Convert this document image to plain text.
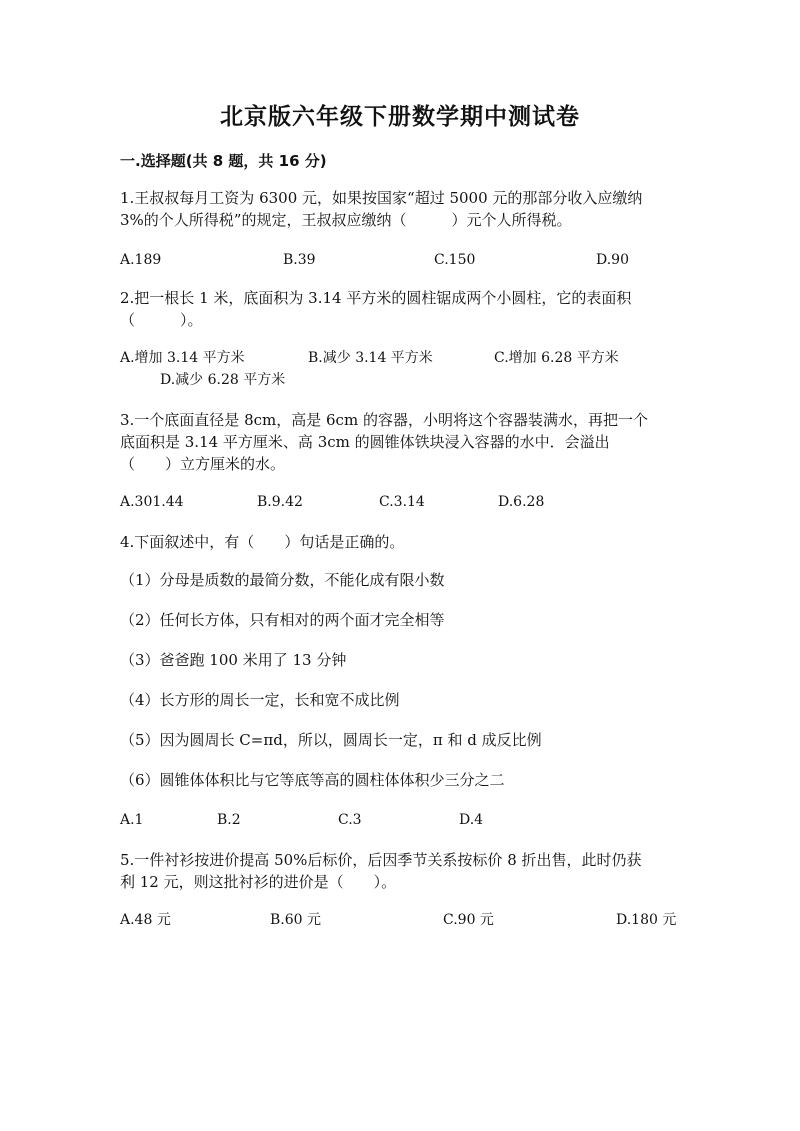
北京版六年级下册数学期中测试卷
一.选择题(共 8 题，共 16 分)
1.王叔叔每月工资为 6300 元，如果按国家“超过 5000 元的那部分收入应缴纳
3%的个人所得税”的规定，王叔叔应缴纳（　　　）元个人所得税。
A.189	B.39	C.150	D.90
2.把一根长 1 米，底面积为 3.14 平方米的圆柱锯成两个小圆柱，它的表面积
（　　　）。
A.增加 3.14 平方米	B.减少 3.14 平方米	C.增加 6.28 平方米
D.减少 6.28 平方米
3.一个底面直径是 8cm，高是 6cm 的容器，小明将这个容器装满水，再把一个
底面积是 3.14 平方厘米、高 3cm 的圆锥体铁块浸入容器的水中．会溢出
（　　）立方厘米的水。
A.301.44	B.9.42	C.3.14	D.6.28
4.下面叙述中，有（　　）句话是正确的。
（1）分母是质数的最简分数，不能化成有限小数
（2）任何长方体，只有相对的两个面才完全相等
（3）爸爸跑 100 米用了 13 分钟
（4）长方形的周长一定，长和宽不成比例
（5）因为圆周长 C=πd，所以，圆周长一定，π 和 d 成反比例
（6）圆锥体体积比与它等底等高的圆柱体体积少三分之二
A.1	B.2	C.3	D.4
5.一件衬衫按进价提高 50%后标价，后因季节关系按标价 8 折出售，此时仍获
利 12 元，则这批衬衫的进价是（　　）。
A.48 元	B.60 元	C.90 元	D.180 元
